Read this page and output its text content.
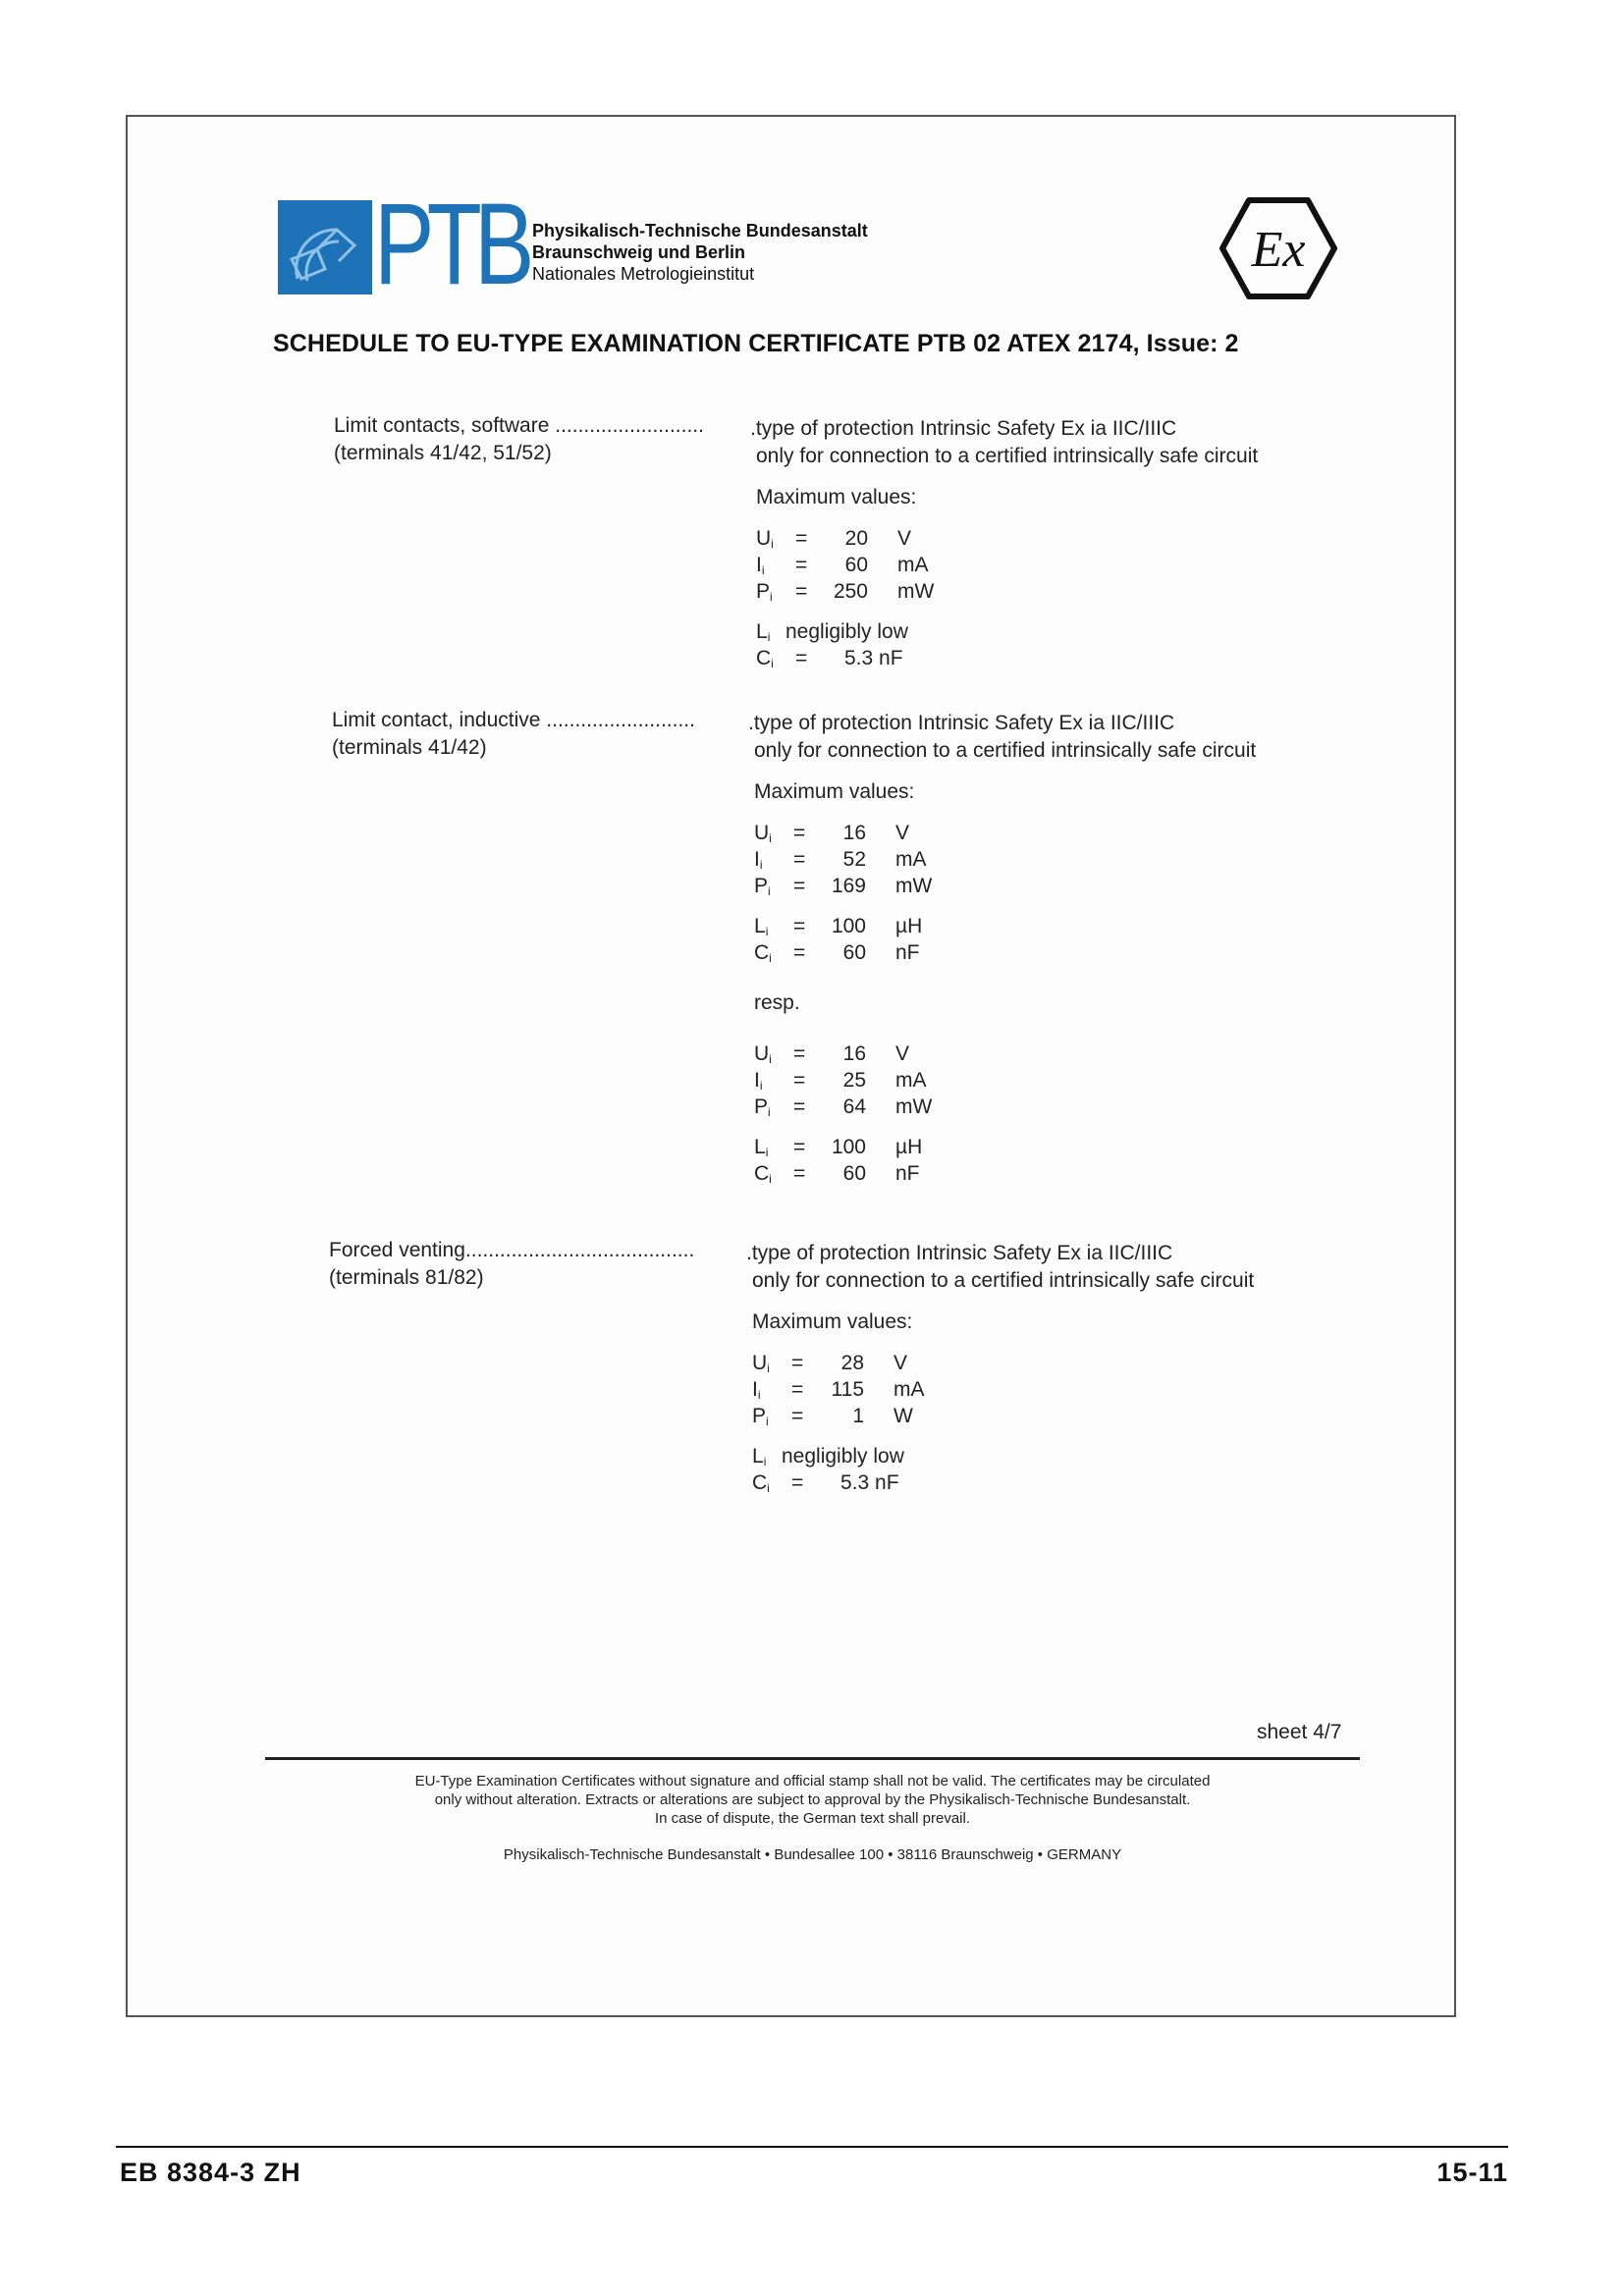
PTB Physikalisch-Technische Bundesanstalt
Braunschweig und Berlin
Nationales Metrologieinstitut	Ex
SCHEDULE TO EU-TYPE EXAMINATION CERTIFICATE PTB 02 ATEX 2174, Issue: 2
Limit contacts, software ..........................
(terminals 41/42, 51/52)
.type of protection Intrinsic Safety Ex ia IIC/IIIC
only for connection to a certified intrinsically safe circuit
Maximum values:
$U_i$	=	20 V
$I_i$	=	60 mA
$P_i$	=	250 mW
$L_i$ negligibly low
$C_i$	=	5.3 nF
Limit contact, inductive ..........................
(terminals 41/42)
.type of protection Intrinsic Safety Ex ia IIC/IIIC
only for connection to a certified intrinsically safe circuit
Maximum values:
$U_i$	=	16 V
$I_i$	=	52 mA
$P_i$	=	169 mW
$L_i$	=	100 µH
$C_i$	=	60 nF
resp.
$U_i$	=	16 V
$I_i$	=	25 mA
$P_i$	=	64 mW
$L_i$	=	100 µH
$C_i$	=	60 nF
Forced venting........................................
(terminals 81/82)
.type of protection Intrinsic Safety Ex ia IIC/IIIC
only for connection to a certified intrinsically safe circuit
Maximum values:
$U_i$	=	28 V
$I_i$	=	115 mA
$P_i$	=	1 W
$L_i$ negligibly low
$C_i$	=	5.3 nF
sheet 4/7
EU-Type Examination Certificates without signature and official stamp shall not be valid. The certificates may be circulated
only without alteration. Extracts or alterations are subject to approval by the Physikalisch-Technische Bundesanstalt.
In case of dispute, the German text shall prevail.
Physikalisch-Technische Bundesanstalt • Bundesallee 100 • 38116 Braunschweig • GERMANY
EB 8384-3 ZH	15-11
